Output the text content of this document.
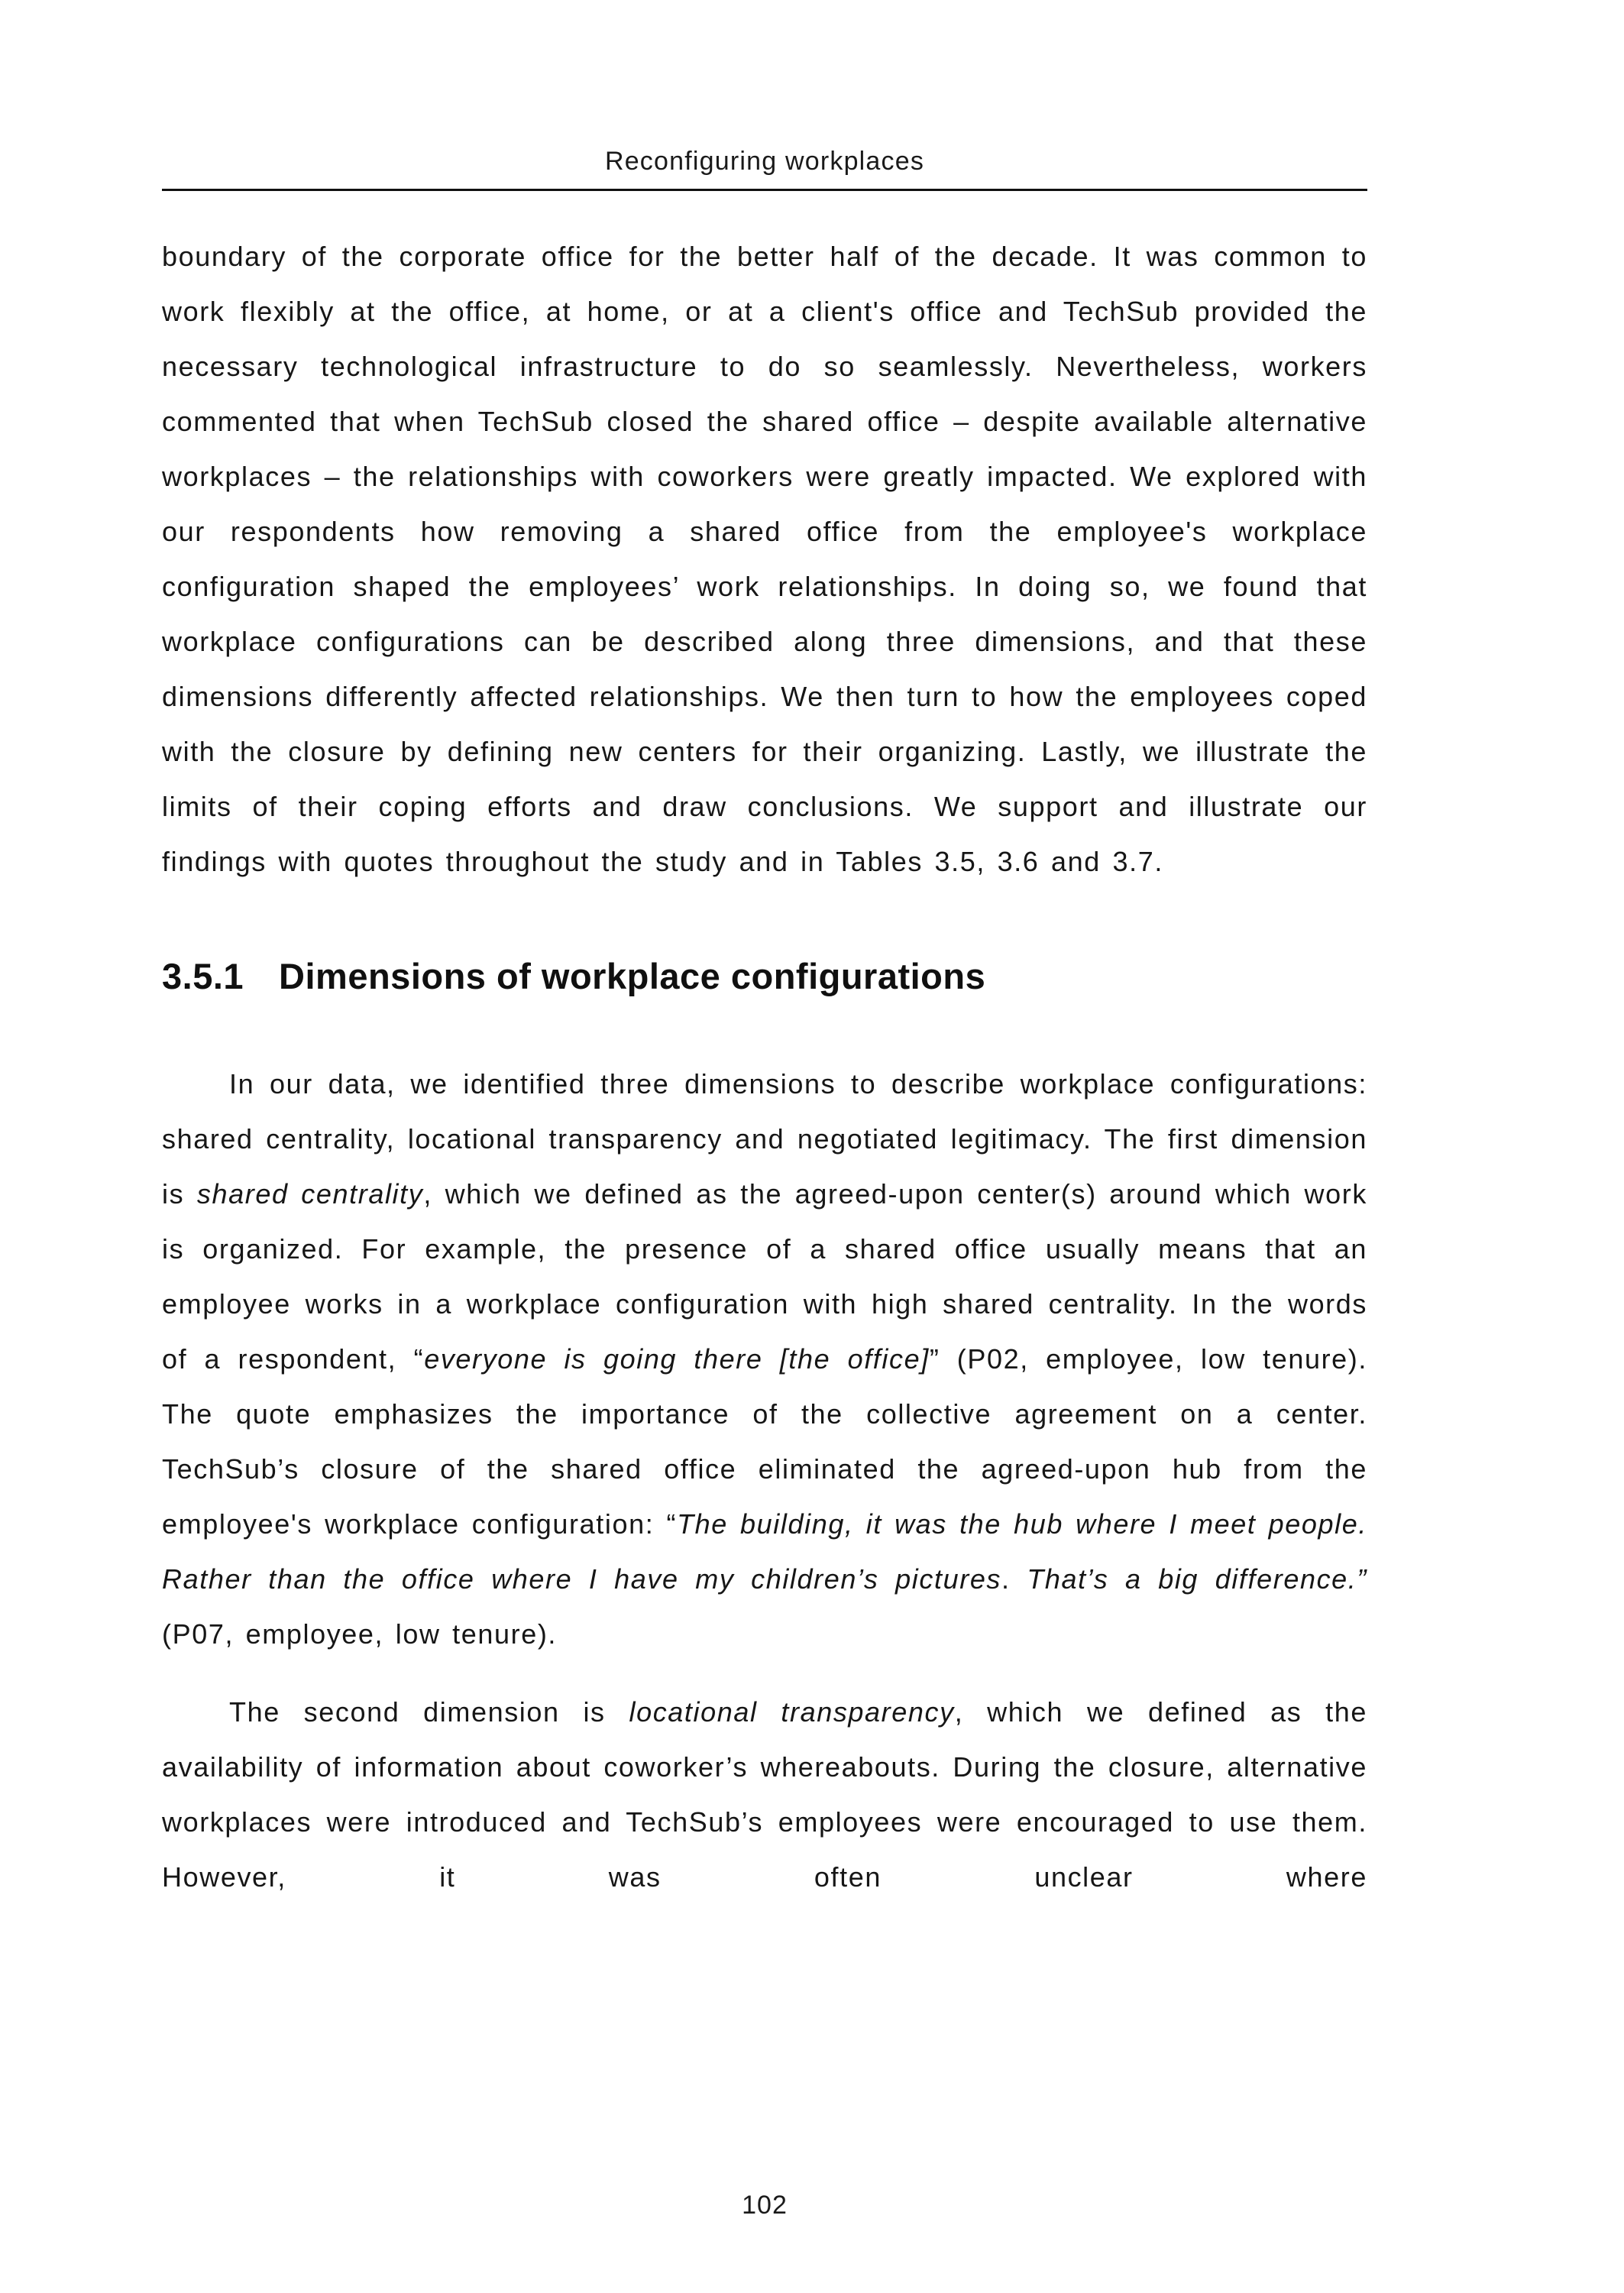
Reconfiguring workplaces

boundary of the corporate office for the better half of the decade. It was common to work flexibly at the office, at home, or at a client's office and TechSub provided the necessary technological infrastructure to do so seamlessly. Nevertheless, workers commented that when TechSub closed the shared office – despite available alternative workplaces – the relationships with coworkers were greatly impacted. We explored with our respondents how removing a shared office from the employee's workplace configuration shaped the employees’ work relationships. In doing so, we found that workplace configurations can be described along three dimensions, and that these dimensions differently affected relationships. We then turn to how the employees coped with the closure by defining new centers for their organizing. Lastly, we illustrate the limits of their coping efforts and draw conclusions. We support and illustrate our findings with quotes throughout the study and in Tables 3.5, 3.6 and 3.7.

3.5.1 Dimensions of workplace configurations

In our data, we identified three dimensions to describe workplace configurations: shared centrality, locational transparency and negotiated legitimacy. The first dimension is shared centrality, which we defined as the agreed-upon center(s) around which work is organized. For example, the presence of a shared office usually means that an employee works in a workplace configuration with high shared centrality. In the words of a respondent, “everyone is going there [the office]” (P02, employee, low tenure). The quote emphasizes the importance of the collective agreement on a center. TechSub’s closure of the shared office eliminated the agreed-upon hub from the employee's workplace configuration: “The building, it was the hub where I meet people. Rather than the office where I have my children’s pictures. That’s a big difference.” (P07, employee, low tenure).

The second dimension is locational transparency, which we defined as the availability of information about coworker’s whereabouts. During the closure, alternative workplaces were introduced and TechSub’s employees were encouraged to use them. However, it was often unclear where

102
